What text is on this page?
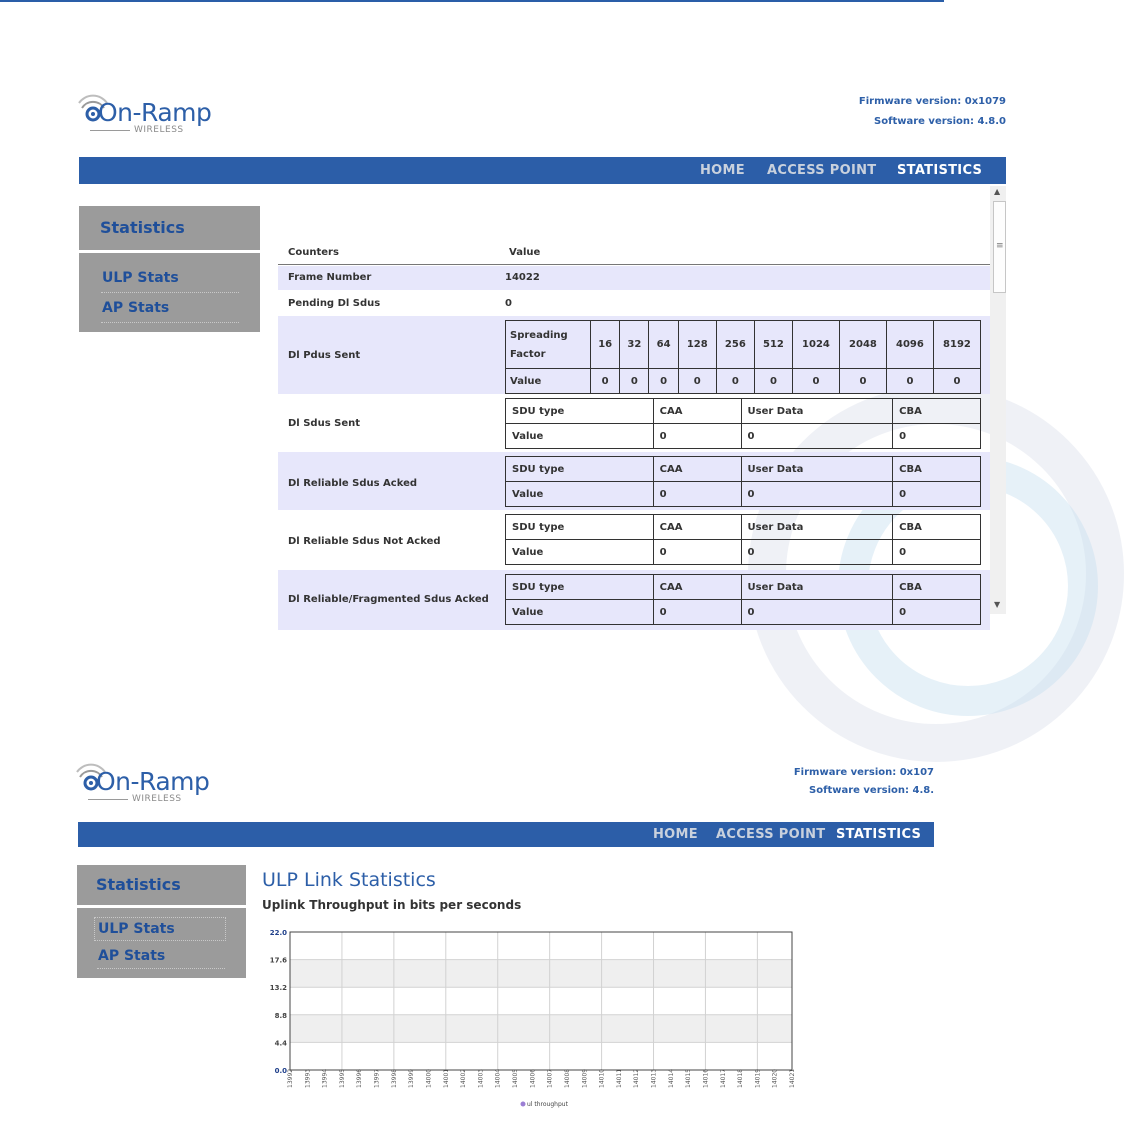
On-Ramp
WIRELESS
Firmware version: 0x1079
Software version: 4.8.0
HOME ACCESS POINT STATISTICS
Statistics
ULP Stats
AP Stats
Counters	Value
Frame Number	14022
Pending Dl Sdus	0
Dl Pdus Sent
Spreading
Factor	16	32	64	128	256	512	1024	2048	4096	8192
Value	0	0	0	0	0	0	0	0	0	0
Dl Sdus Sent
SDU type	CAA	User Data	CBA
Value	0	0	0
Dl Reliable Sdus Acked
SDU type	CAA	User Data	CBA
Value	0	0	0
Dl Reliable Sdus Not Acked
SDU type	CAA	User Data	CBA
Value	0	0	0
Dl Reliable/Fragmented Sdus Acked
SDU type	CAA	User Data	CBA
Value	0	0	0
▲
≡
▼
On-Ramp
WIRELESS
Firmware version: 0x107
Software version: 4.8.
HOME ACCESS POINT STATISTICS
Statistics
ULP Stats
AP Stats
ULP Link Statistics
Uplink Throughput in bits per seconds
0.0
4.4
8.8
13.2
17.6
22.0
13992 13993 13994 13995 13996 13997 13998 13999 14000 14001 14002 14003 14004 14005 14006 14007 14008 14009 14010 14011 14012 14013 14014 14015 14016 14017 14018 14019 14020 14021
ul throughput
